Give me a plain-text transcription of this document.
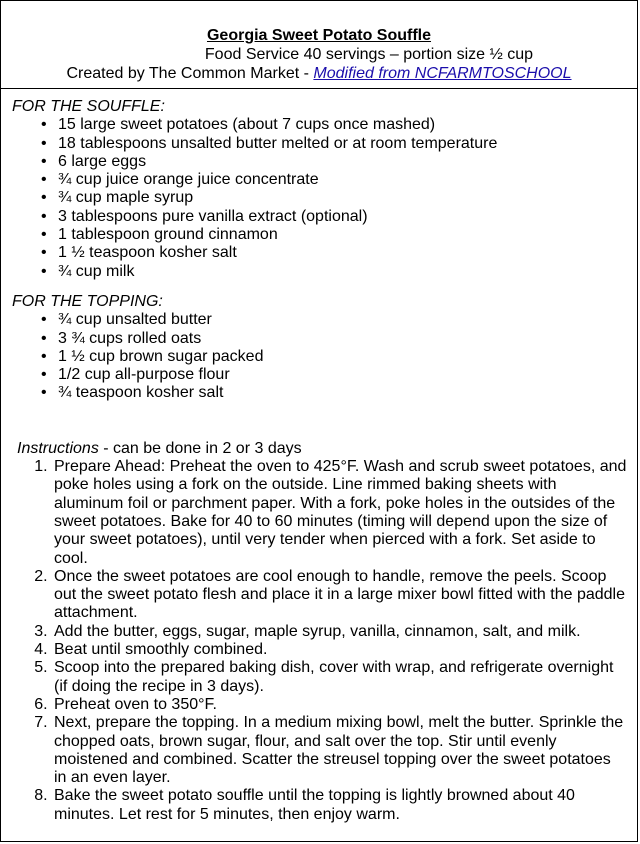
Georgia Sweet Potato Souffle
Food Service 40 servings – portion size ½ cup
Created by The Common Market - Modified from NCFARMTOSCHOOL
FOR THE SOUFFLE:
• 15 large sweet potatoes (about 7 cups once mashed)
• 18 tablespoons unsalted butter melted or at room temperature
• 6 large eggs
• ¾ cup juice orange juice concentrate
• ¾ cup maple syrup
• 3 tablespoons pure vanilla extract (optional)
• 1 tablespoon ground cinnamon
• 1 ½ teaspoon kosher salt
• ¾ cup milk
FOR THE TOPPING:
• ¾ cup unsalted butter
• 3 ¾ cups rolled oats
• 1 ½ cup brown sugar packed
• 1/2 cup all-purpose flour
• ¾ teaspoon kosher salt
Instructions - can be done in 2 or 3 days
1. Prepare Ahead: Preheat the oven to 425°F. Wash and scrub sweet potatoes, and poke holes using a fork on the outside. Line rimmed baking sheets with aluminum foil or parchment paper. With a fork, poke holes in the outsides of the sweet potatoes. Bake for 40 to 60 minutes (timing will depend upon the size of your sweet potatoes), until very tender when pierced with a fork. Set aside to cool.
2. Once the sweet potatoes are cool enough to handle, remove the peels. Scoop out the sweet potato flesh and place it in a large mixer bowl fitted with the paddle attachment.
3. Add the butter, eggs, sugar, maple syrup, vanilla, cinnamon, salt, and milk.
4. Beat until smoothly combined.
5. Scoop into the prepared baking dish, cover with wrap, and refrigerate overnight (if doing the recipe in 3 days).
6. Preheat oven to 350°F.
7. Next, prepare the topping. In a medium mixing bowl, melt the butter. Sprinkle the chopped oats, brown sugar, flour, and salt over the top. Stir until evenly moistened and combined. Scatter the streusel topping over the sweet potatoes in an even layer.
8. Bake the sweet potato souffle until the topping is lightly browned about 40 minutes. Let rest for 5 minutes, then enjoy warm.
